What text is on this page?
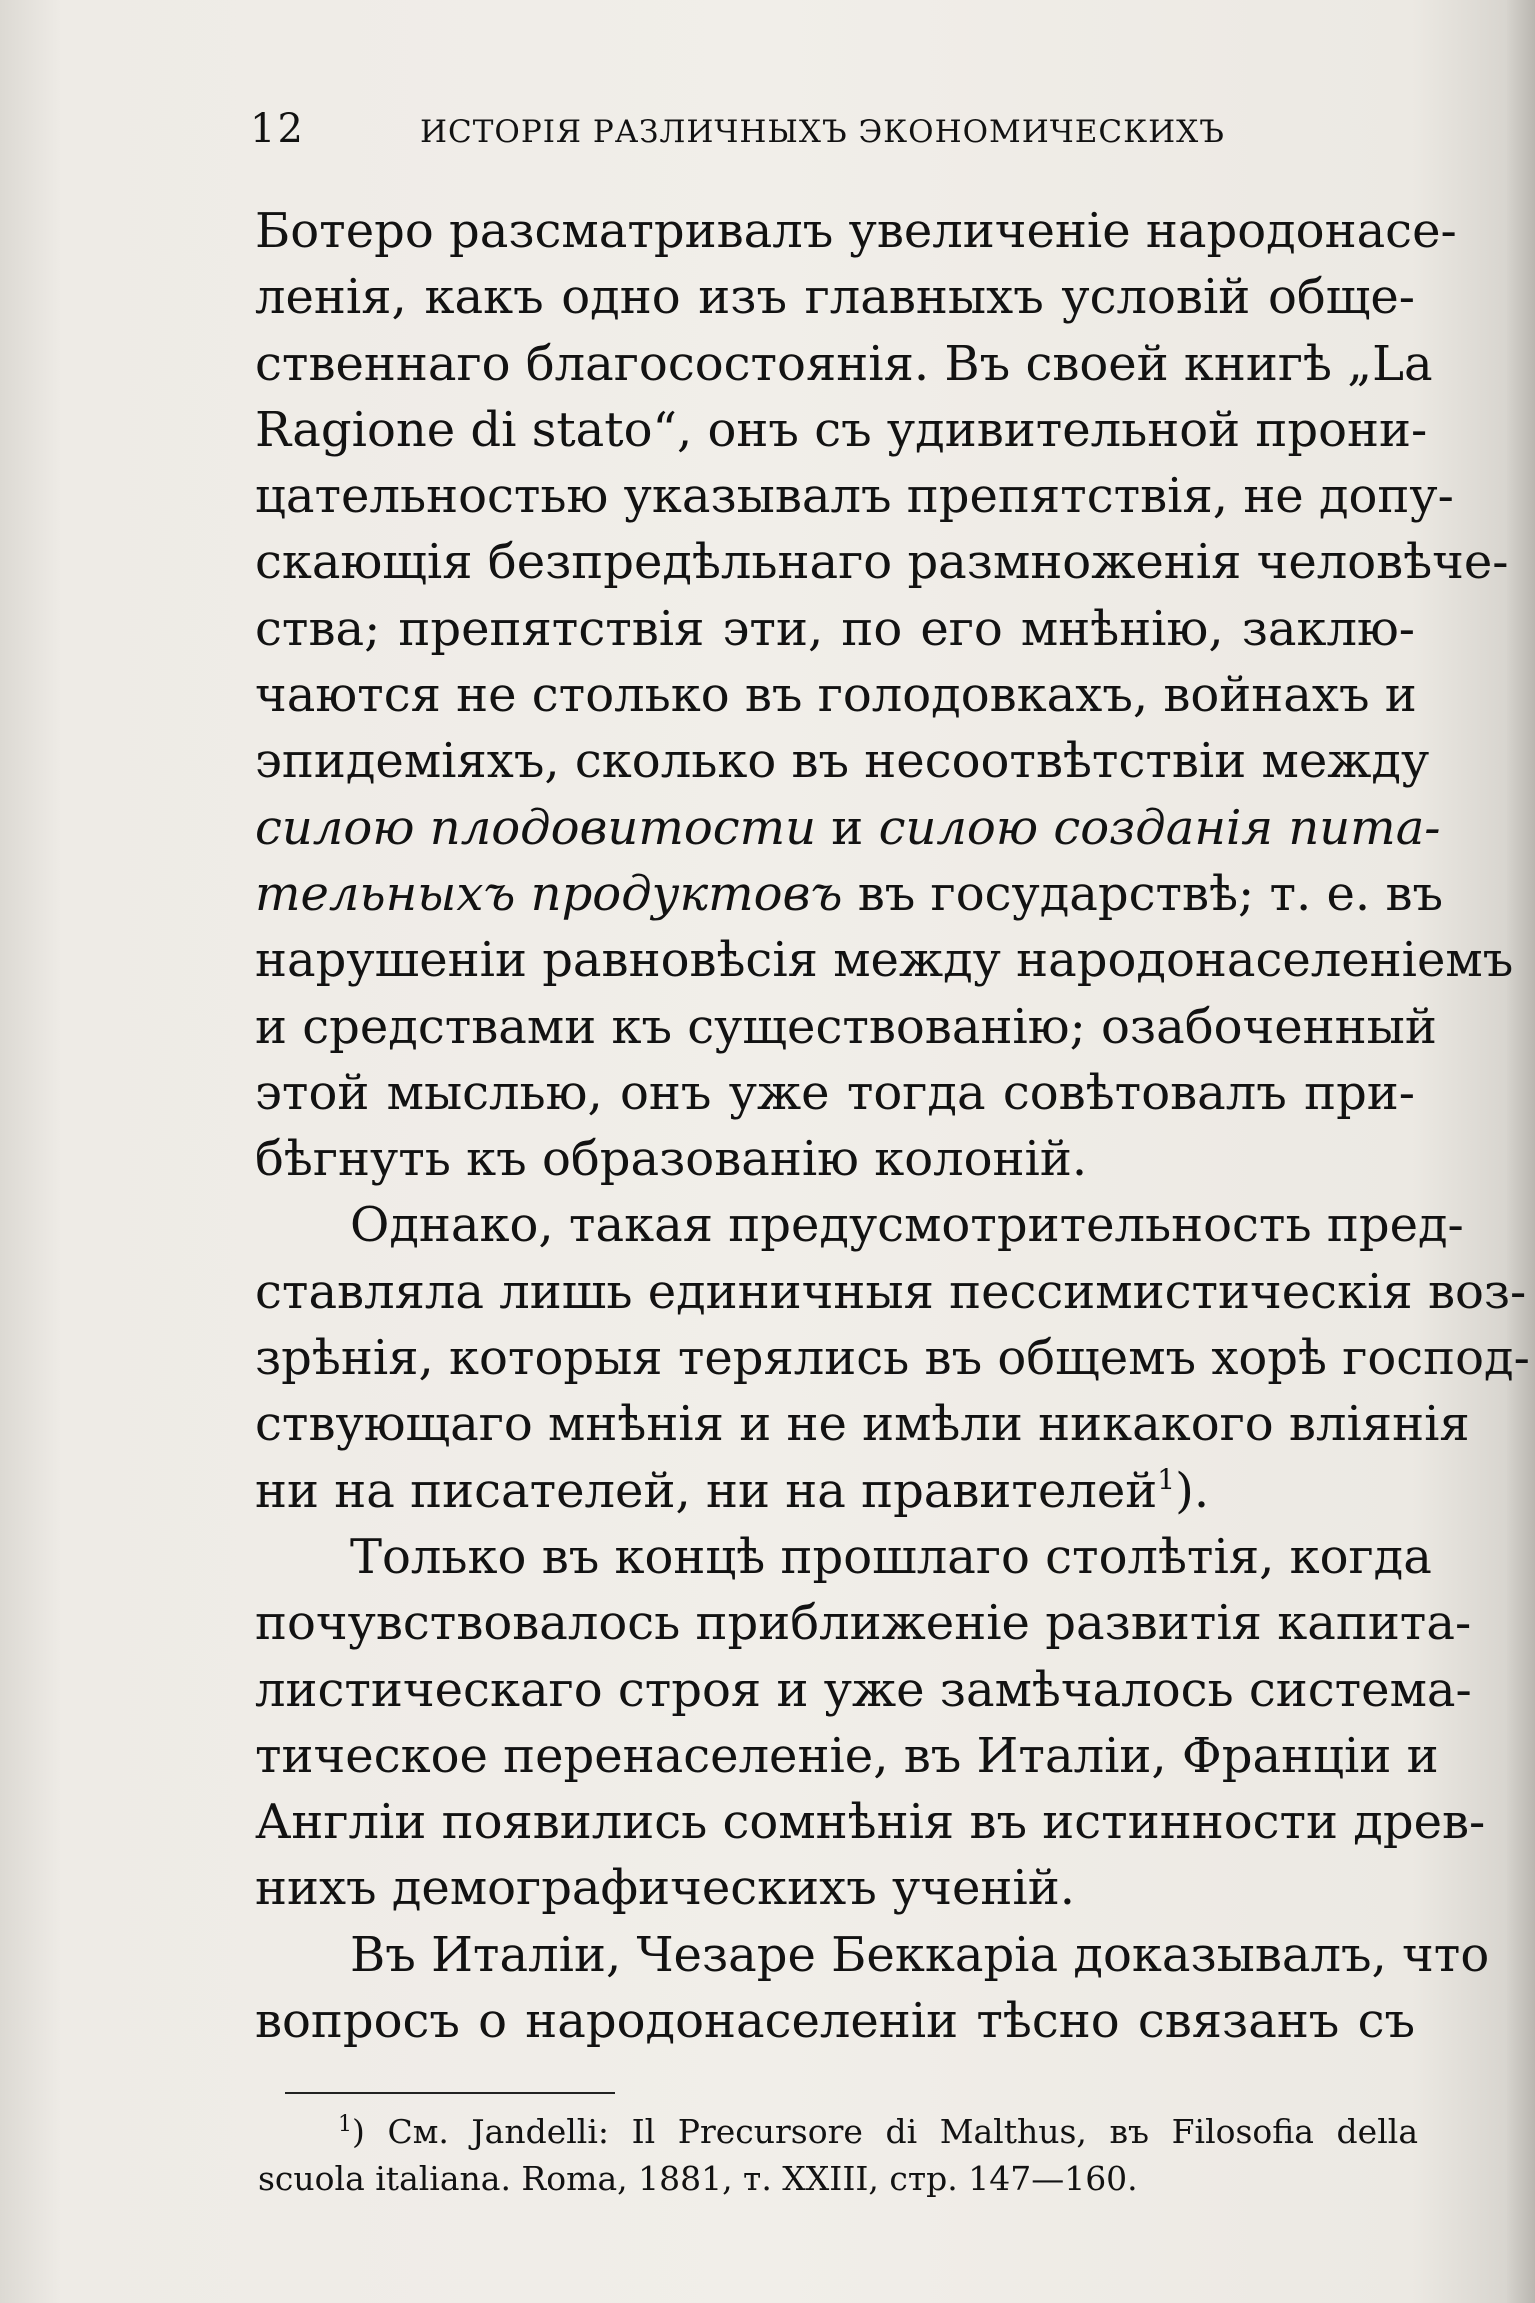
12	ИСТОРІЯ РАЗЛИЧНЫХЪ ЭКОНОМИЧЕСКИХЪ
Ботеро разсматривалъ увеличеніе народонасе-
ленія, какъ одно изъ главныхъ условій обще-
ственнаго благосостоянія. Въ своей книгѣ „La
Ragione di stato“, онъ съ удивительной прони-
цательностью указывалъ препятствія, не допу-
скающія безпредѣльнаго размноженія человѣче-
ства; препятствія эти, по его мнѣнію, заклю-
чаются не столько въ голодовкахъ, войнахъ и
эпидеміяхъ, сколько въ несоотвѣтствіи между
силою плодовитости и силою созданія пита-
тельныхъ продуктовъ въ государствѣ; т. е. въ
нарушеніи равновѣсія между народонаселеніемъ
и средствами къ существованію; озабоченный
этой мыслью, онъ уже тогда совѣтовалъ при-
бѣгнуть къ образованію колоній.
Однако, такая предусмотрительность пред-
ставляла лишь единичныя пессимистическія воз-
зрѣнія, которыя терялись въ общемъ хорѣ господ-
ствующаго мнѣнія и не имѣли никакого вліянія
ни на писателей, ни на правителей$^1$).
Только въ концѣ прошлаго столѣтія, когда
почувствовалось приближеніе развитія капита-
листическаго строя и уже замѣчалось система-
тическое перенаселеніе, въ Италіи, Франціи и
Англіи появились сомнѣнія въ истинности древ-
нихъ демографическихъ ученій.
Въ Италіи, Чезаре Беккаріа доказывалъ, что
вопросъ о народонаселеніи тѣсно связанъ съ
$^1$) См. Jandelli: Il Precursore di Malthus, въ Filosofia della
scuola italiana. Roma, 1881, т. XXIII, стр. 147—160.
